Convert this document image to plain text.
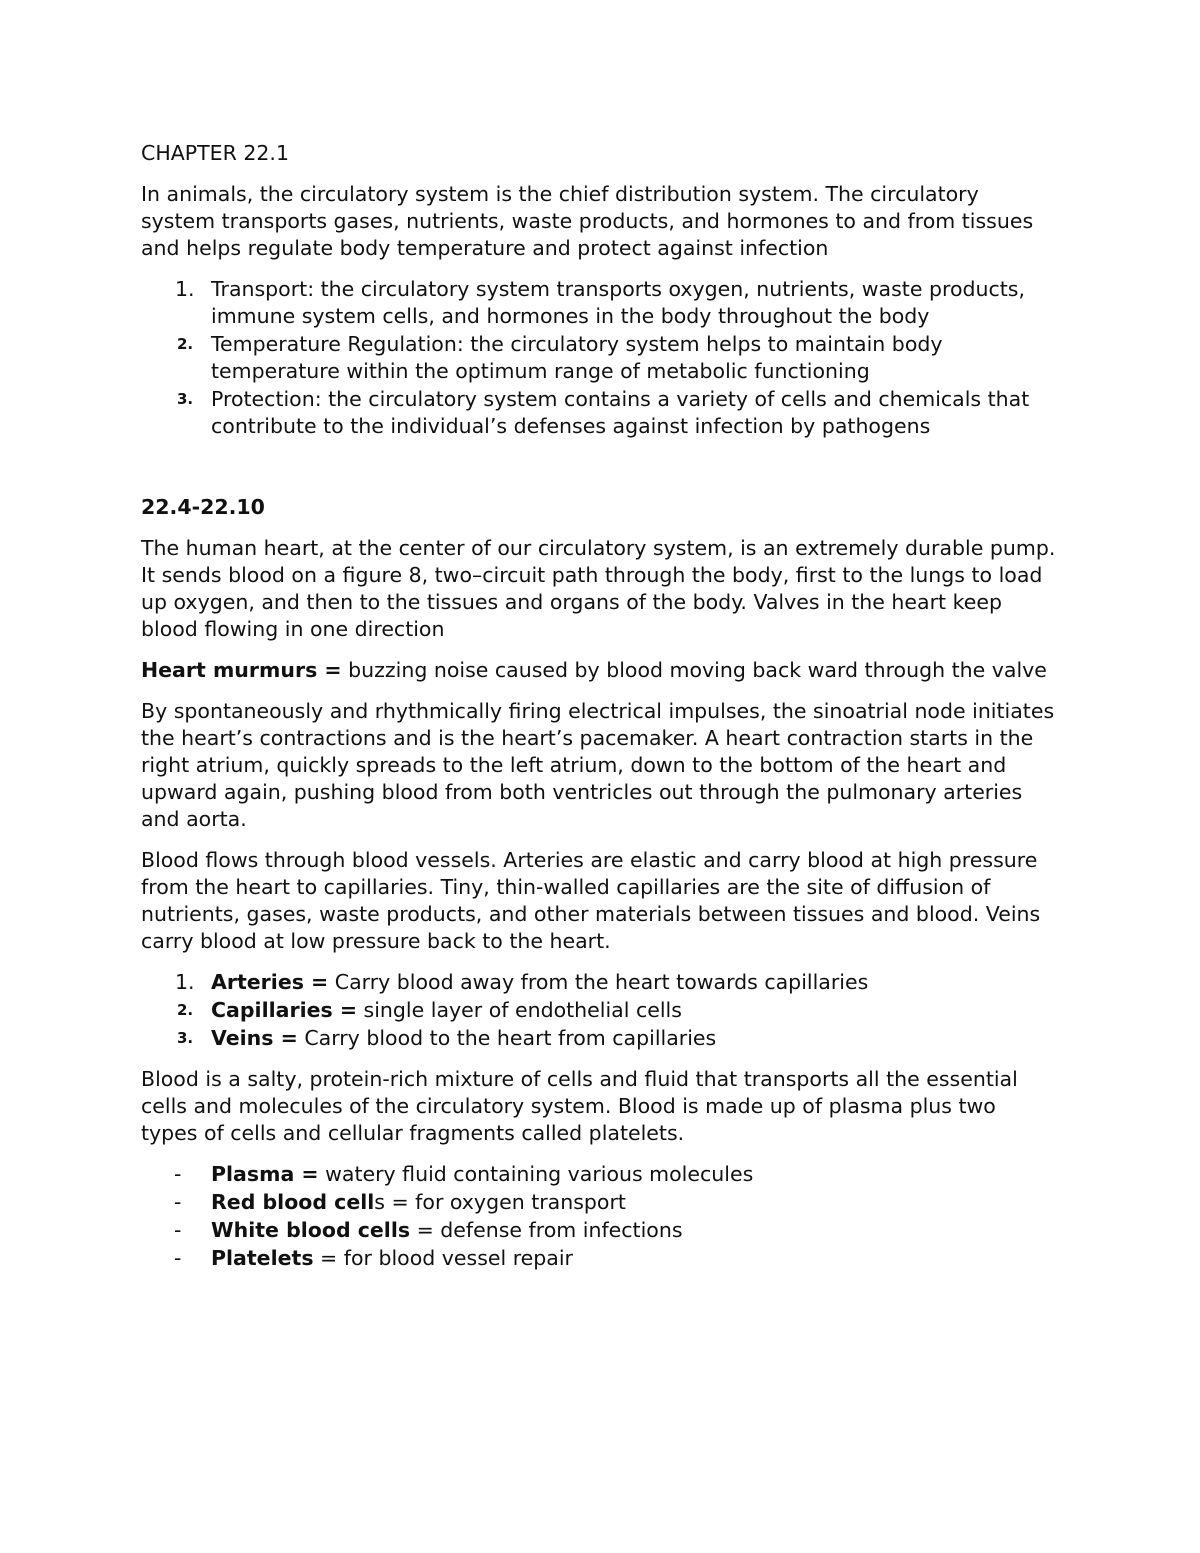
CHAPTER 22.1

In animals, the circulatory system is the chief distribution system. The circulatory system transports gases, nutrients, waste products, and hormones to and from tissues and helps regulate body temperature and protect against infection

1. Transport: the circulatory system transports oxygen, nutrients, waste products, immune system cells, and hormones in the body throughout the body
2. Temperature Regulation: the circulatory system helps to maintain body temperature within the optimum range of metabolic functioning
3. Protection: the circulatory system contains a variety of cells and chemicals that contribute to the individual’s defenses against infection by pathogens
22.4-22.10

The human heart, at the center of our circulatory system, is an extremely durable pump. It sends blood on a figure 8, two–circuit path through the body, first to the lungs to load up oxygen, and then to the tissues and organs of the body. Valves in the heart keep blood flowing in one direction

Heart murmurs = buzzing noise caused by blood moving back ward through the valve

By spontaneously and rhythmically firing electrical impulses, the sinoatrial node initiates the heart’s contractions and is the heart’s pacemaker. A heart contraction starts in the right atrium, quickly spreads to the left atrium, down to the bottom of the heart and upward again, pushing blood from both ventricles out through the pulmonary arteries and aorta.

Blood flows through blood vessels. Arteries are elastic and carry blood at high pressure from the heart to capillaries. Tiny, thin-walled capillaries are the site of diffusion of nutrients, gases, waste products, and other materials between tissues and blood. Veins carry blood at low pressure back to the heart.

1. Arteries = Carry blood away from the heart towards capillaries
2. Capillaries = single layer of endothelial cells
3. Veins = Carry blood to the heart from capillaries

Blood is a salty, protein-rich mixture of cells and fluid that transports all the essential cells and molecules of the circulatory system. Blood is made up of plasma plus two types of cells and cellular fragments called platelets.

- Plasma = watery fluid containing various molecules
- Red blood cells = for oxygen transport
- White blood cells = defense from infections
- Platelets = for blood vessel repair
